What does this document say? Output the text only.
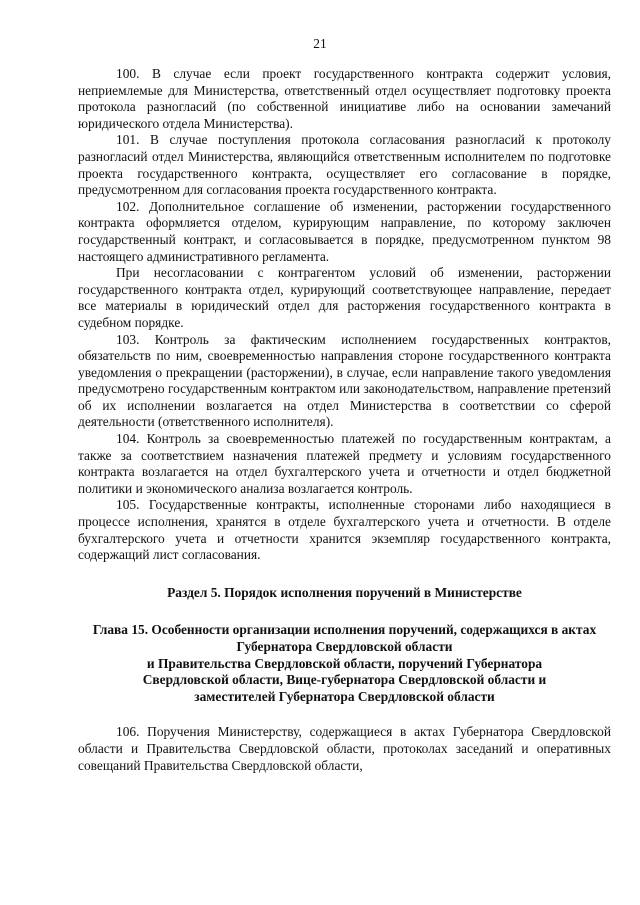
21

100. В случае если проект государственного контракта содержит условия, неприемлемые для Министерства, ответственный отдел осуществляет подготовку проекта протокола разногласий (по собственной инициативе либо на основании замечаний юридического отдела Министерства).

101. В случае поступления протокола согласования разногласий к протоколу разногласий отдел Министерства, являющийся ответственным исполнителем по подготовке проекта государственного контракта, осуществляет его согласование в порядке, предусмотренном для согласования проекта государственного контракта.

102. Дополнительное соглашение об изменении, расторжении государственного контракта оформляется отделом, курирующим направление, по которому заключен государственный контракт, и согласовывается в порядке, предусмотренном пунктом 98 настоящего административного регламента.

При несогласовании с контрагентом условий об изменении, расторжении государственного контракта отдел, курирующий соответствующее направление, передает все материалы в юридический отдел для расторжения государственного контракта в судебном порядке.

103. Контроль за фактическим исполнением государственных контрактов, обязательств по ним, своевременностью направления стороне государственного контракта уведомления о прекращении (расторжении), в случае, если направление такого уведомления предусмотрено государственным контрактом или законодательством, направление претензий об их исполнении возлагается на отдел Министерства в соответствии со сферой деятельности (ответственного исполнителя).

104. Контроль за своевременностью платежей по государственным контрактам, а также за соответствием назначения платежей предмету и условиям государственного контракта возлагается на отдел бухгалтерского учета и отчетности и отдел бюджетной политики и экономического анализа возлагается контроль.

105. Государственные контракты, исполненные сторонами либо находящиеся в процессе исполнения, хранятся в отделе бухгалтерского учета и отчетности. В отделе бухгалтерского учета и отчетности хранится экземпляр государственного контракта, содержащий лист согласования.

Раздел 5. Порядок исполнения поручений в Министерстве
Глава 15. Особенности организации исполнения поручений, содержащихся в актах Губернатора Свердловской области
и Правительства Свердловской области, поручений Губернатора
Свердловской области, Вице-губернатора Свердловской области и
заместителей Губернатора Свердловской области

106. Поручения Министерству, содержащиеся в актах Губернатора Свердловской области и Правительства Свердловской области, протоколах заседаний и оперативных совещаний Правительства Свердловской области,
